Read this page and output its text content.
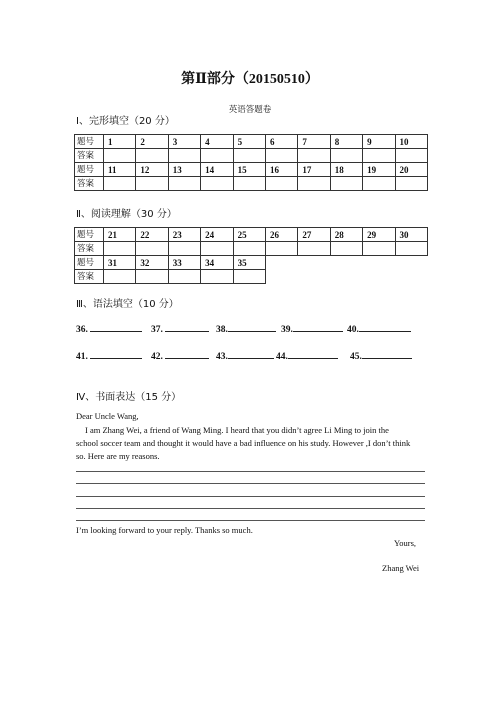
第Ⅱ部分（20150510）
英语答题卷
Ⅰ、完形填空（20 分）
题号	1	2	3	4	5	6	7	8	9	10
答案										
题号	11	12	13	14	15	16	17	18	19	20
答案										
Ⅱ、阅读理解（30 分）
题号	21	22	23	24	25	26	27	28	29	30
答案										
题号	31	32	33	34	35					
答案										
Ⅲ、语法填空（10 分）
36.	37.	38.	39.	40.
41.	42.	43.	44.	45.
Ⅳ、书面表达（15 分）
Dear Uncle Wang,
I am Zhang Wei, a friend of Wang Ming. I heard that you didn’t agree Li Ming to join the
school soccer team and thought it would have a bad influence on his study. However ,I don’t think
so. Here are my reasons.
I’m looking forward to your reply. Thanks so much.
Yours,
Zhang Wei
